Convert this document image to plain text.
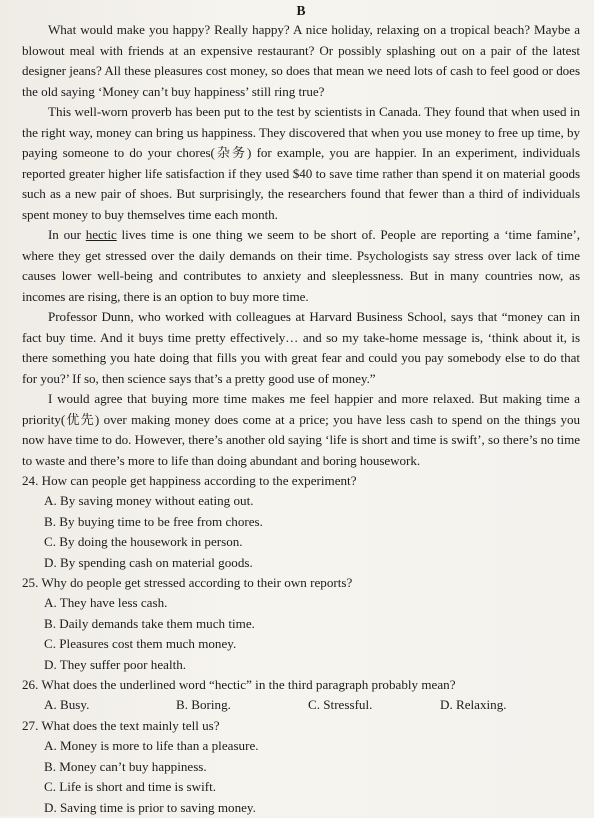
B

What would make you happy? Really happy? A nice holiday, relaxing on a tropical beach? Maybe a blowout meal with friends at an expensive restaurant? Or possibly splashing out on a pair of the latest designer jeans? All these pleasures cost money, so does that mean we need lots of cash to feel good or does the old saying ‘Money can’t buy happiness’ still ring true?

This well-worn proverb has been put to the test by scientists in Canada. They found that when used in the right way, money can bring us happiness. They discovered that when you use money to free up time, by paying someone to do your chores(杂务) for example, you are happier. In an experiment, individuals reported greater higher life satisfaction if they used $40 to save time rather than spend it on material goods such as a new pair of shoes. But surprisingly, the researchers found that fewer than a third of individuals spent money to buy themselves time each month.

In our hectic lives time is one thing we seem to be short of. People are reporting a ‘time famine’, where they get stressed over the daily demands on their time. Psychologists say stress over lack of time causes lower well-being and contributes to anxiety and sleeplessness. But in many countries now, as incomes are rising, there is an option to buy more time.

Professor Dunn, who worked with colleagues at Harvard Business School, says that “money can in fact buy time. And it buys time pretty effectively… and so my take-home message is, ‘think about it, is there something you hate doing that fills you with great fear and could you pay somebody else to do that for you?’ If so, then science says that’s a pretty good use of money.”

I would agree that buying more time makes me feel happier and more relaxed. But making time a priority(优先) over making money does come at a price; you have less cash to spend on the things you now have time to do. However, there’s another old saying ‘life is short and time is swift’, so there’s no time to waste and there’s more to life than doing abundant and boring housework.

24. How can people get happiness according to the experiment?

A. By saving money without eating out.

B. By buying time to be free from chores.

C. By doing the housework in person.

D. By spending cash on material goods.

25. Why do people get stressed according to their own reports?

A. They have less cash.

B. Daily demands take them much time.

C. Pleasures cost them much money.

D. They suffer poor health.

26. What does the underlined word “hectic” in the third paragraph probably mean?

A. Busy.	B. Boring.	C. Stressful.	D. Relaxing.

27. What does the text mainly tell us?

A. Money is more to life than a pleasure.

B. Money can’t buy happiness.

C. Life is short and time is swift.

D. Saving time is prior to saving money.
